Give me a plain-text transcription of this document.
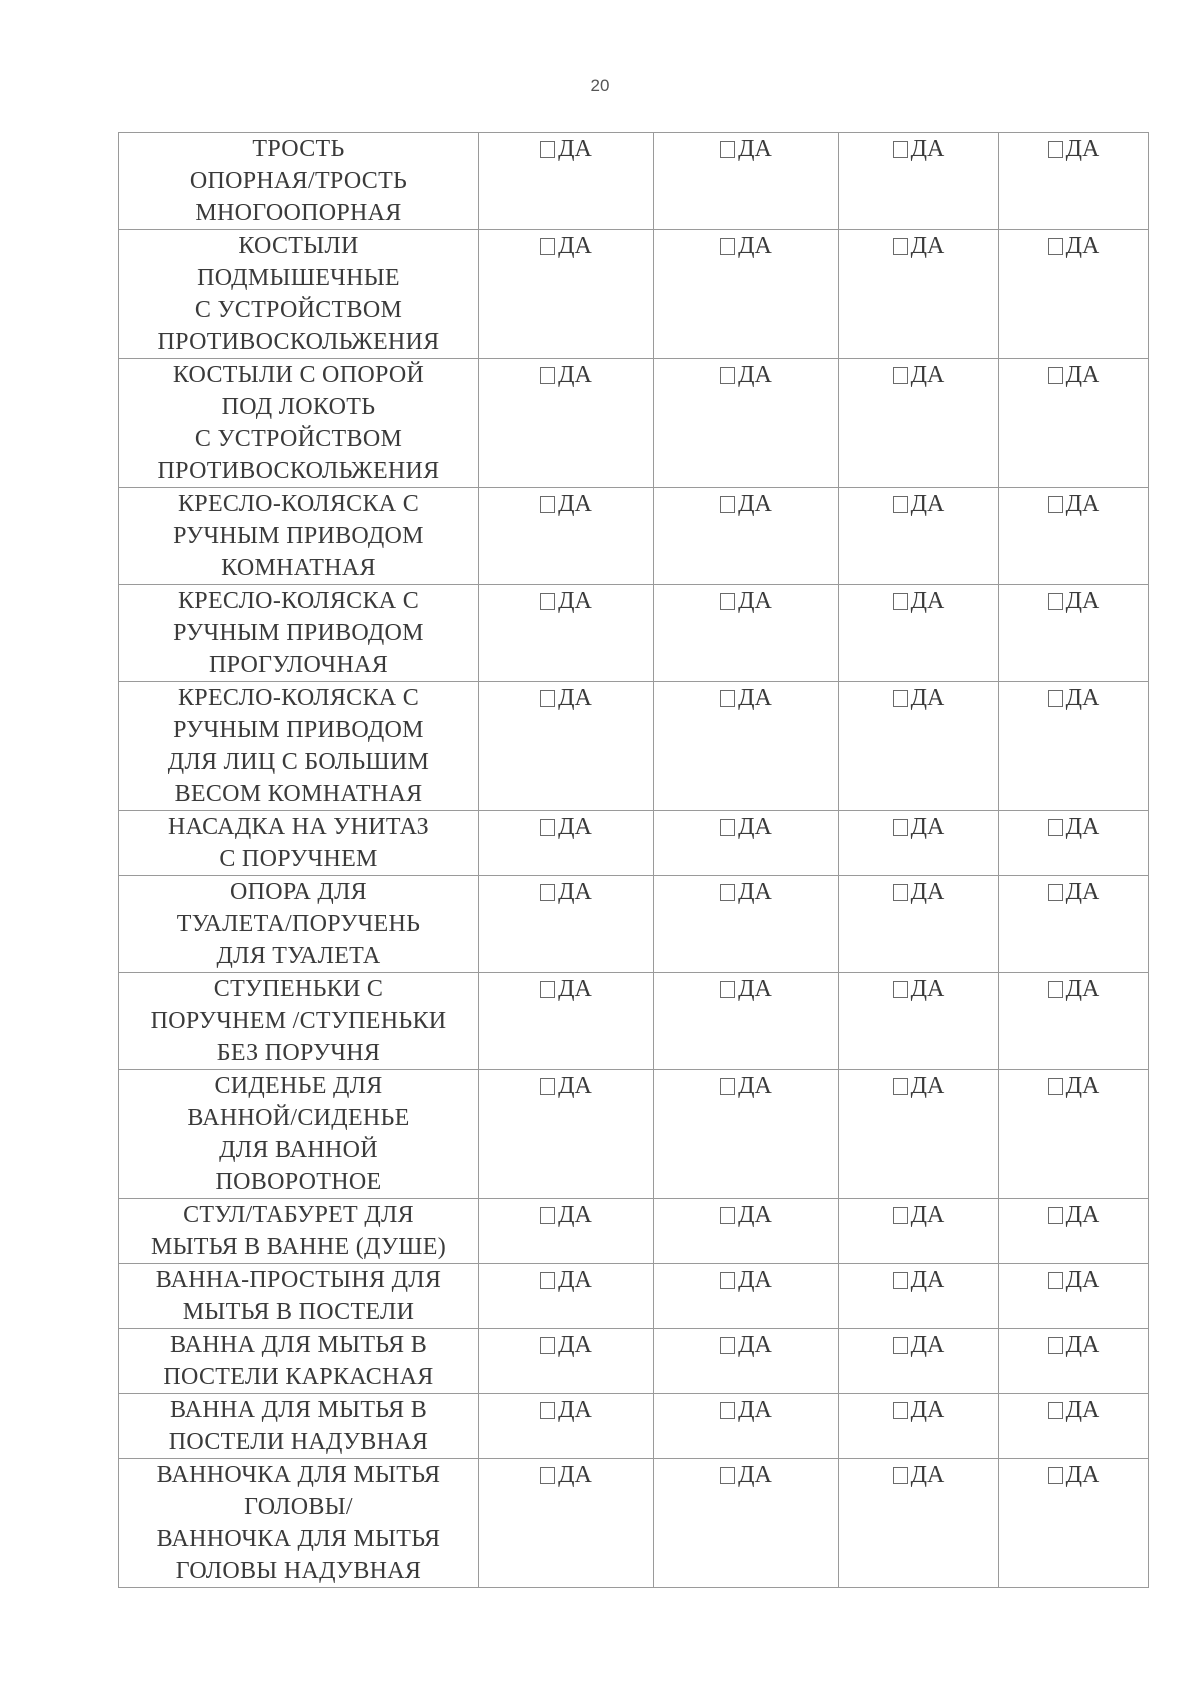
20
ТРОСТЬ
ОПОРНАЯ/ТРОСТЬ
МНОГООПОРНАЯ	ДА	ДА	ДА	ДА

КОСТЫЛИ
ПОДМЫШЕЧНЫЕ
С УСТРОЙСТВОМ
ПРОТИВОСКОЛЬЖЕНИЯ	ДА	ДА	ДА	ДА

КОСТЫЛИ С ОПОРОЙ
ПОД ЛОКОТЬ
С УСТРОЙСТВОМ
ПРОТИВОСКОЛЬЖЕНИЯ	ДА	ДА	ДА	ДА

КРЕСЛО-КОЛЯСКА С
РУЧНЫМ ПРИВОДОМ
КОМНАТНАЯ	ДА	ДА	ДА	ДА

КРЕСЛО-КОЛЯСКА С
РУЧНЫМ ПРИВОДОМ
ПРОГУЛОЧНАЯ	ДА	ДА	ДА	ДА

КРЕСЛО-КОЛЯСКА С
РУЧНЫМ ПРИВОДОМ
ДЛЯ ЛИЦ С БОЛЬШИМ
ВЕСОМ КОМНАТНАЯ	ДА	ДА	ДА	ДА

НАСАДКА НА УНИТАЗ
С ПОРУЧНЕМ	ДА	ДА	ДА	ДА

ОПОРА ДЛЯ
ТУАЛЕТА/ПОРУЧЕНЬ
ДЛЯ ТУАЛЕТА	ДА	ДА	ДА	ДА

СТУПЕНЬКИ С
ПОРУЧНЕМ /СТУПЕНЬКИ
БЕЗ ПОРУЧНЯ	ДА	ДА	ДА	ДА

СИДЕНЬЕ ДЛЯ
ВАННОЙ/СИДЕНЬЕ
ДЛЯ ВАННОЙ
ПОВОРОТНОЕ	ДА	ДА	ДА	ДА

СТУЛ/ТАБУРЕТ ДЛЯ
МЫТЬЯ В ВАННЕ (ДУШЕ)	ДА	ДА	ДА	ДА

ВАННА-ПРОСТЫНЯ ДЛЯ
МЫТЬЯ В ПОСТЕЛИ	ДА	ДА	ДА	ДА

ВАННА ДЛЯ МЫТЬЯ В
ПОСТЕЛИ КАРКАСНАЯ	ДА	ДА	ДА	ДА

ВАННА ДЛЯ МЫТЬЯ В
ПОСТЕЛИ НАДУВНАЯ	ДА	ДА	ДА	ДА

ВАННОЧКА ДЛЯ МЫТЬЯ
ГОЛОВЫ/
ВАННОЧКА ДЛЯ МЫТЬЯ
ГОЛОВЫ НАДУВНАЯ	ДА	ДА	ДА	ДА
